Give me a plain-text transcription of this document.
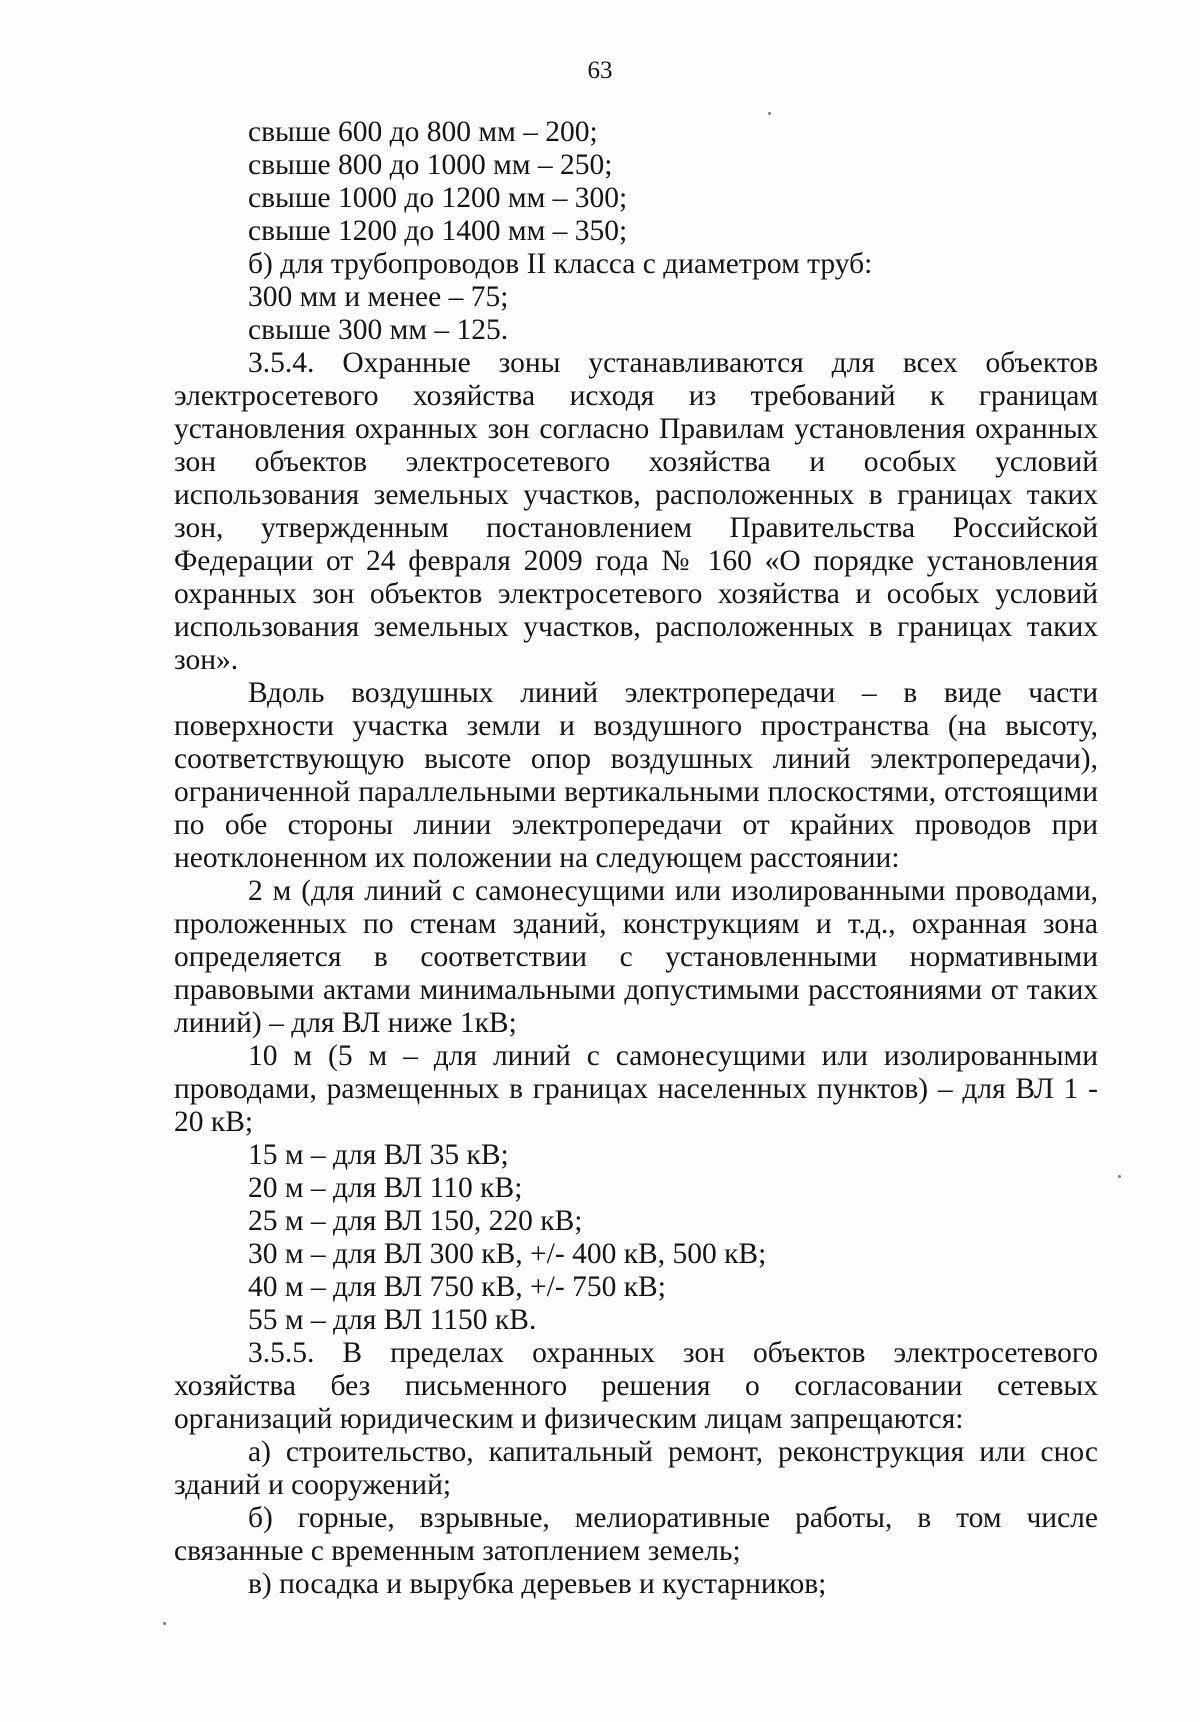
63

свыше 600 до 800 мм – 200;

свыше 800 до 1000 мм – 250;

свыше 1000 до 1200 мм – 300;

свыше 1200 до 1400 мм – 350;

б) для трубопроводов II класса с диаметром труб:

300 мм и менее – 75;

свыше 300 мм – 125.

3.5.4. Охранные зоны устанавливаются для всех объектов электросетевого хозяйства исходя из требований к границам установления охранных зон согласно Правилам установления охранных зон объектов электросетевого хозяйства и особых условий использования земельных участков, расположенных в границах таких зон, утвержденным постановлением Правительства Российской Федерации от 24 февраля 2009 года № 160 «О порядке установления охранных зон объектов электросетевого хозяйства и особых условий использования земельных участков, расположенных в границах таких зон».

Вдоль воздушных линий электропередачи – в виде части поверхности участка земли и воздушного пространства (на высоту, соответствующую высоте опор воздушных линий электропередачи), ограниченной параллельными вертикальными плоскостями, отстоящими по обе стороны линии электропередачи от крайних проводов при неотклоненном их положении на следующем расстоянии:

2 м (для линий с самонесущими или изолированными проводами, проложенных по стенам зданий, конструкциям и т.д., охранная зона определяется в соответствии с установленными нормативными правовыми актами минимальными допустимыми расстояниями от таких линий) – для ВЛ ниже 1кВ;

10 м (5 м – для линий с самонесущими или изолированными проводами, размещенных в границах населенных пунктов) – для ВЛ 1 - 20 кВ;

15 м – для ВЛ 35 кВ;

20 м – для ВЛ 110 кВ;

25 м – для ВЛ 150, 220 кВ;

30 м – для ВЛ 300 кВ, +/- 400 кВ, 500 кВ;

40 м – для ВЛ 750 кВ, +/- 750 кВ;

55 м – для ВЛ 1150 кВ.

3.5.5. В пределах охранных зон объектов электросетевого хозяйства без письменного решения о согласовании сетевых организаций юридическим и физическим лицам запрещаются:

а) строительство, капитальный ремонт, реконструкция или снос зданий и сооружений;

б) горные, взрывные, мелиоративные работы, в том числе связанные с временным затоплением земель;

в) посадка и вырубка деревьев и кустарников;
